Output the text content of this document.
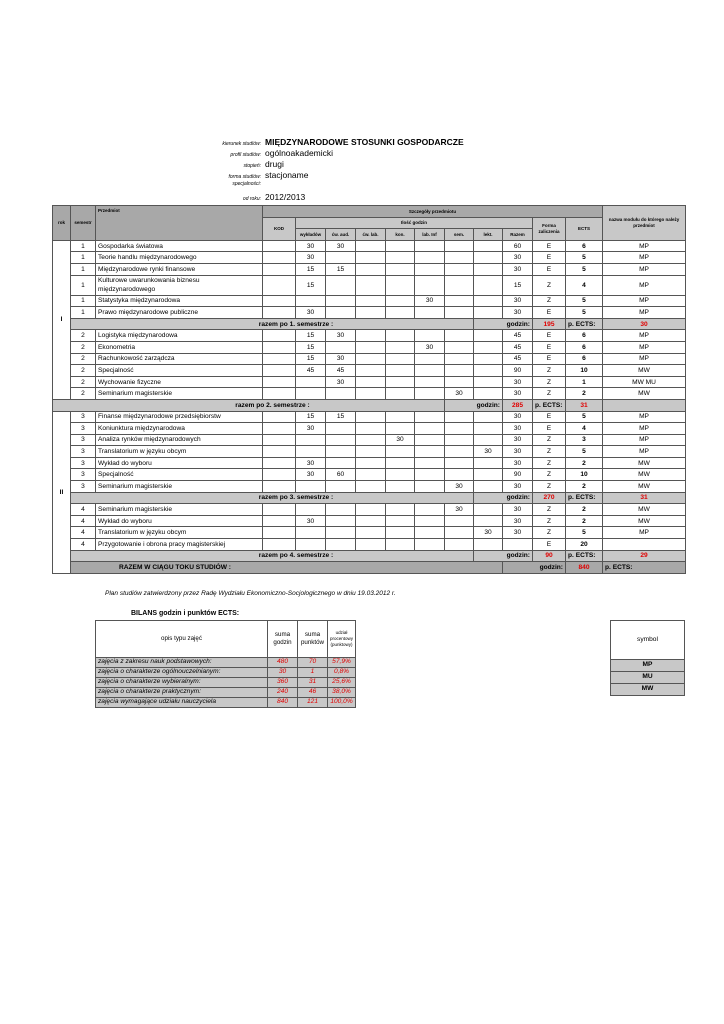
kierunek studiów: MIĘDZYNARODOWE STOSUNKI GOSPODARCZE
profil studiów: ogólnoakademicki
stopień: drugi
forma studiów: stacjoname
specjalności:
od roku: 2012/2013
rok	semestr	Przedmiot	Szczegóły przedmiotu											nazwa modułu do którego należy przedmiot	
			KOD	Ilość godzin								Forma zaliczenia	ECTS		
				wykładów	ćw. aud.	ćw. lab.	kon.	lab. Inf	sem.	lekt.	Razem				
I	1	Gospodarka światowa		30	30						60	E	6	MP	
	1	Teorie handlu międzynarodowego		30							30	E	5	MP	
	1	Międzynarodowe rynki finansowe		15	15						30	E	5	MP	
	1	Kulturowe uwarunkowania biznesu
międzynarodowego		15							15	Z	4	MP	
	1	Statystyka międzynarodowa						30			30	Z	5	MP	
	1	Prawo międzynarodowe publiczne		30							30	E	5	MP	
	razem po 1. semestrze :									godzin:		195	p. ECTS:	30	
	2	Logistyka międzynarodowa		15	30						45	E	6	MP	
	2	Ekonometria		15				30			45	E	6	MP	
	2	Rachunkowość zarządcza		15	30						45	E	6	MP	
	2	Specjalność		45	45						90	Z	10	MW	
	2	Wychowanie fizyczne			30						30	Z	1	MW MU	
	2	Seminarium magisterskie							30		30	Z	2	MW	
razem po 2. semestrze :									godzin:		285	p. ECTS:	31		
II	3	Finanse międzynarodowe przedsiębiorstw		15	15						30	E	5	MP	
	3	Koniunktura międzynarodowa		30							30	E	4	MP	
	3	Analiza rynków międzynarodowych					30				30	Z	3	MP	
	3	Translatorium w języku obcym								30	30	Z	5	MP	
	3	Wykład do wyboru		30							30	Z	2	MW	
	3	Specjalność		30	60						90	Z	10	MW	
	3	Seminarium magisterskie							30		30	Z	2	MW	
	razem po 3. semestrze :									godzin:		270	p. ECTS:	31	
	4	Seminarium magisterskie							30		30	Z	2	MW	
	4	Wykład do wyboru		30							30	Z	2	MW	
	4	Translatorium w języku obcym								30	30	Z	5	MP	
	4	Przygotowanie i obrona pracy magisterskiej										E	20		
	razem po 4. semestrze :									godzin:		90	p. ECTS:	29	
	RAZEM W CIĄGU TOKU STUDIÓW :										godzin:		840	p. ECTS:		
Plan studiów zatwierdzony przez Radę Wydziału Ekonomiczno-Socjologicznego w dniu 19.03.2012 r.
BILANS godzin i punktów ECTS:
opis typu zajęć	suma godzin	suma punktów	udział procentowy (punktowy)
zajęcia z zakresu nauk podstawowych:	480	70	57,9%
zajęcia o charakterze ogólnouczelnianym:	30	1	0,8%
zajęcia o charakterze wybieralnym:	360	31	25,6%
zajęcia o charakterze praktycznym:	240	46	38,0%
zajęcia wymagające udziału nauczyciela	840	121	100,0%
symbol
MP
MU
MW
